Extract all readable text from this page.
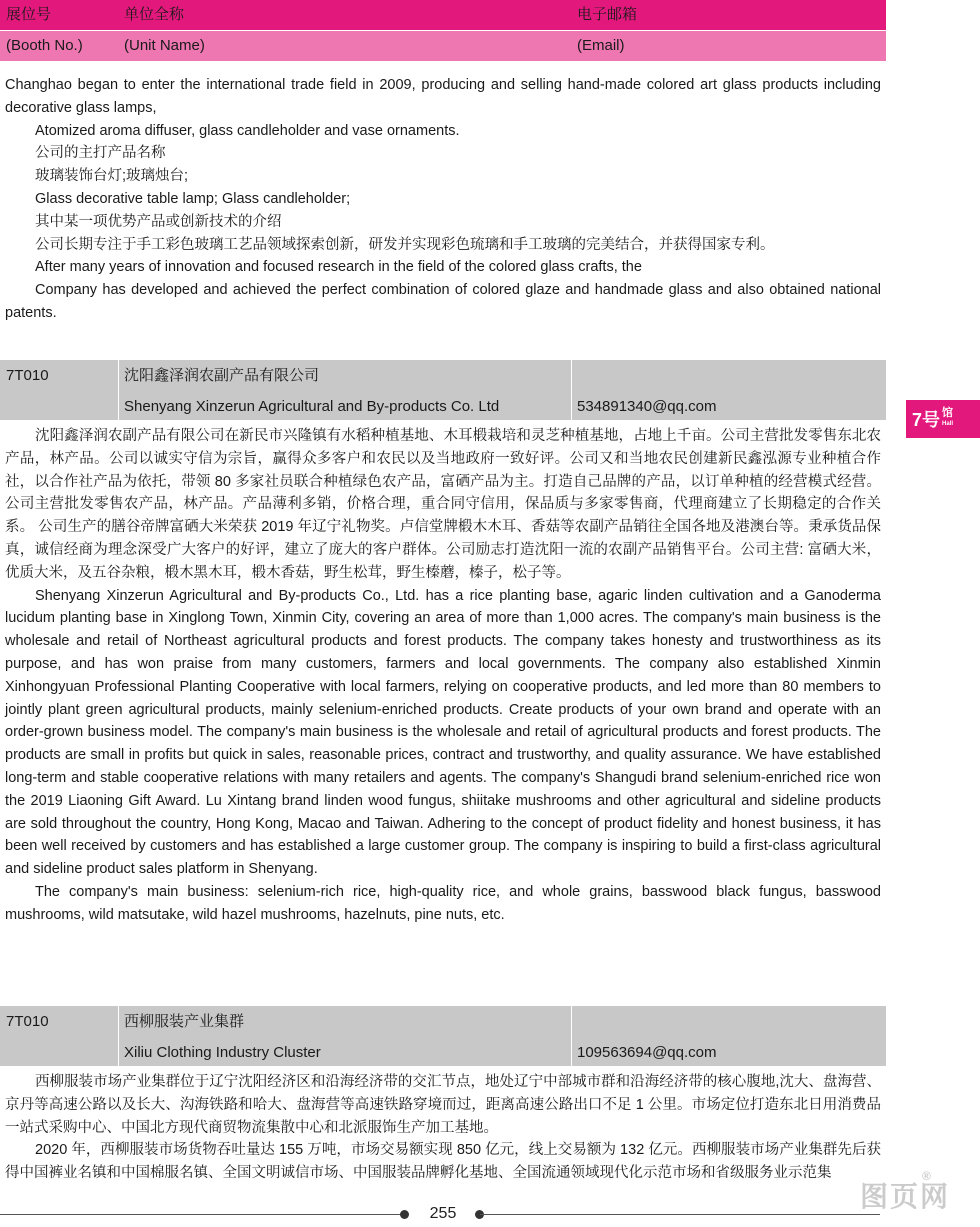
展位号	单位全称	电子邮箱
(Booth No.)	(Unit Name)	(Email)

Changhao began to enter the international trade field in 2009, producing and selling hand-made colored art glass products including decorative glass lamps,

Atomized aroma diffuser, glass candleholder and vase ornaments.

公司的主打产品名称

玻璃装饰台灯;玻璃烛台;

Glass decorative table lamp; Glass candleholder;

其中某一项优势产品或创新技术的介绍

公司长期专注于手工彩色玻璃工艺品领域探索创新，研发并实现彩色琉璃和手工玻璃的完美结合，并获得国家专利。

After many years of innovation and focused research in the field of the colored glass crafts, the

Company has developed and achieved the perfect combination of colored glaze and handmade glass and also obtained national patents.

7T010	沈阳鑫泽润农副产品有限公司
Shenyang Xinzerun Agricultural and By-products Co. Ltd	534891340@qq.com

沈阳鑫泽润农副产品有限公司在新民市兴隆镇有水稻种植基地、木耳椴栽培和灵芝种植基地，占地上千亩。公司主营批发零售东北农产品，林产品。公司以诚实守信为宗旨，赢得众多客户和农民以及当地政府一致好评。公司又和当地农民创建新民鑫泓源专业种植合作社，以合作社产品为依托，带领 80 多家社员联合种植绿色农产品，富硒产品为主。打造自己品牌的产品，以订单种植的经营模式经营。公司主营批发零售农产品，林产品。产品薄利多销，价格合理，重合同守信用，保品质与多家零售商，代理商建立了长期稳定的合作关系。 公司生产的膳谷帝牌富硒大米荣获 2019 年辽宁礼物奖。卢信堂牌椴木木耳、香菇等农副产品销往全国各地及港澳台等。秉承货品保真，诚信经商为理念深受广大客户的好评，建立了庞大的客户群体。公司励志打造沈阳一流的农副产品销售平台。公司主营: 富硒大米，优质大米，及五谷杂粮，椴木黑木耳，椴木香菇，野生松茸，野生榛蘑，榛子，松子等。

Shenyang Xinzerun Agricultural and By-products Co., Ltd. has a rice planting base, agaric linden cultivation and a Ganoderma lucidum planting base in Xinglong Town, Xinmin City, covering an area of more than 1,000 acres. The company's main business is the wholesale and retail of Northeast agricultural products and forest products. The company takes honesty and trustworthiness as its purpose, and has won praise from many customers, farmers and local governments. The company also established Xinmin Xinhongyuan Professional Planting Cooperative with local farmers, relying on cooperative products, and led more than 80 members to jointly plant green agricultural products, mainly selenium-enriched products. Create products of your own brand and operate with an order-grown business model. The company's main business is the wholesale and retail of agricultural products and forest products. The products are small in profits but quick in sales, reasonable prices, contract and trustworthy, and quality assurance. We have established long-term and stable cooperative relations with many retailers and agents. The company's Shangudi brand selenium-enriched rice won the 2019 Liaoning Gift Award. Lu Xintang brand linden wood fungus, shiitake mushrooms and other agricultural and sideline products are sold throughout the country, Hong Kong, Macao and Taiwan. Adhering to the concept of product fidelity and honest business, it has been well received by customers and has established a large customer group. The company is inspiring to build a first-class agricultural and sideline product sales platform in Shenyang.

The company's main business: selenium-rich rice, high-quality rice, and whole grains, basswood black fungus, basswood mushrooms, wild matsutake, wild hazel mushrooms, hazelnuts, pine nuts, etc.

7T010	西柳服装产业集群
Xiliu Clothing Industry Cluster	109563694@qq.com

西柳服装市场产业集群位于辽宁沈阳经济区和沿海经济带的交汇节点，地处辽宁中部城市群和沿海经济带的核心腹地,沈大、盘海营、京丹等高速公路以及长大、沟海铁路和哈大、盘海营等高速铁路穿境而过，距离高速公路出口不足 1 公里。市场定位打造东北日用消费品一站式采购中心、中国北方现代商贸物流集散中心和北派服饰生产加工基地。

2020 年，西柳服装市场货物吞吐量达 155 万吨，市场交易额实现 850 亿元，线上交易额为 132 亿元。西柳服装市场产业集群先后获得中国裤业名镇和中国棉服名镇、全国文明诚信市场、中国服装品牌孵化基地、全国流通领域现代化示范市场和省级服务业示范集

7号 馆
Hall
255
图页网
®
